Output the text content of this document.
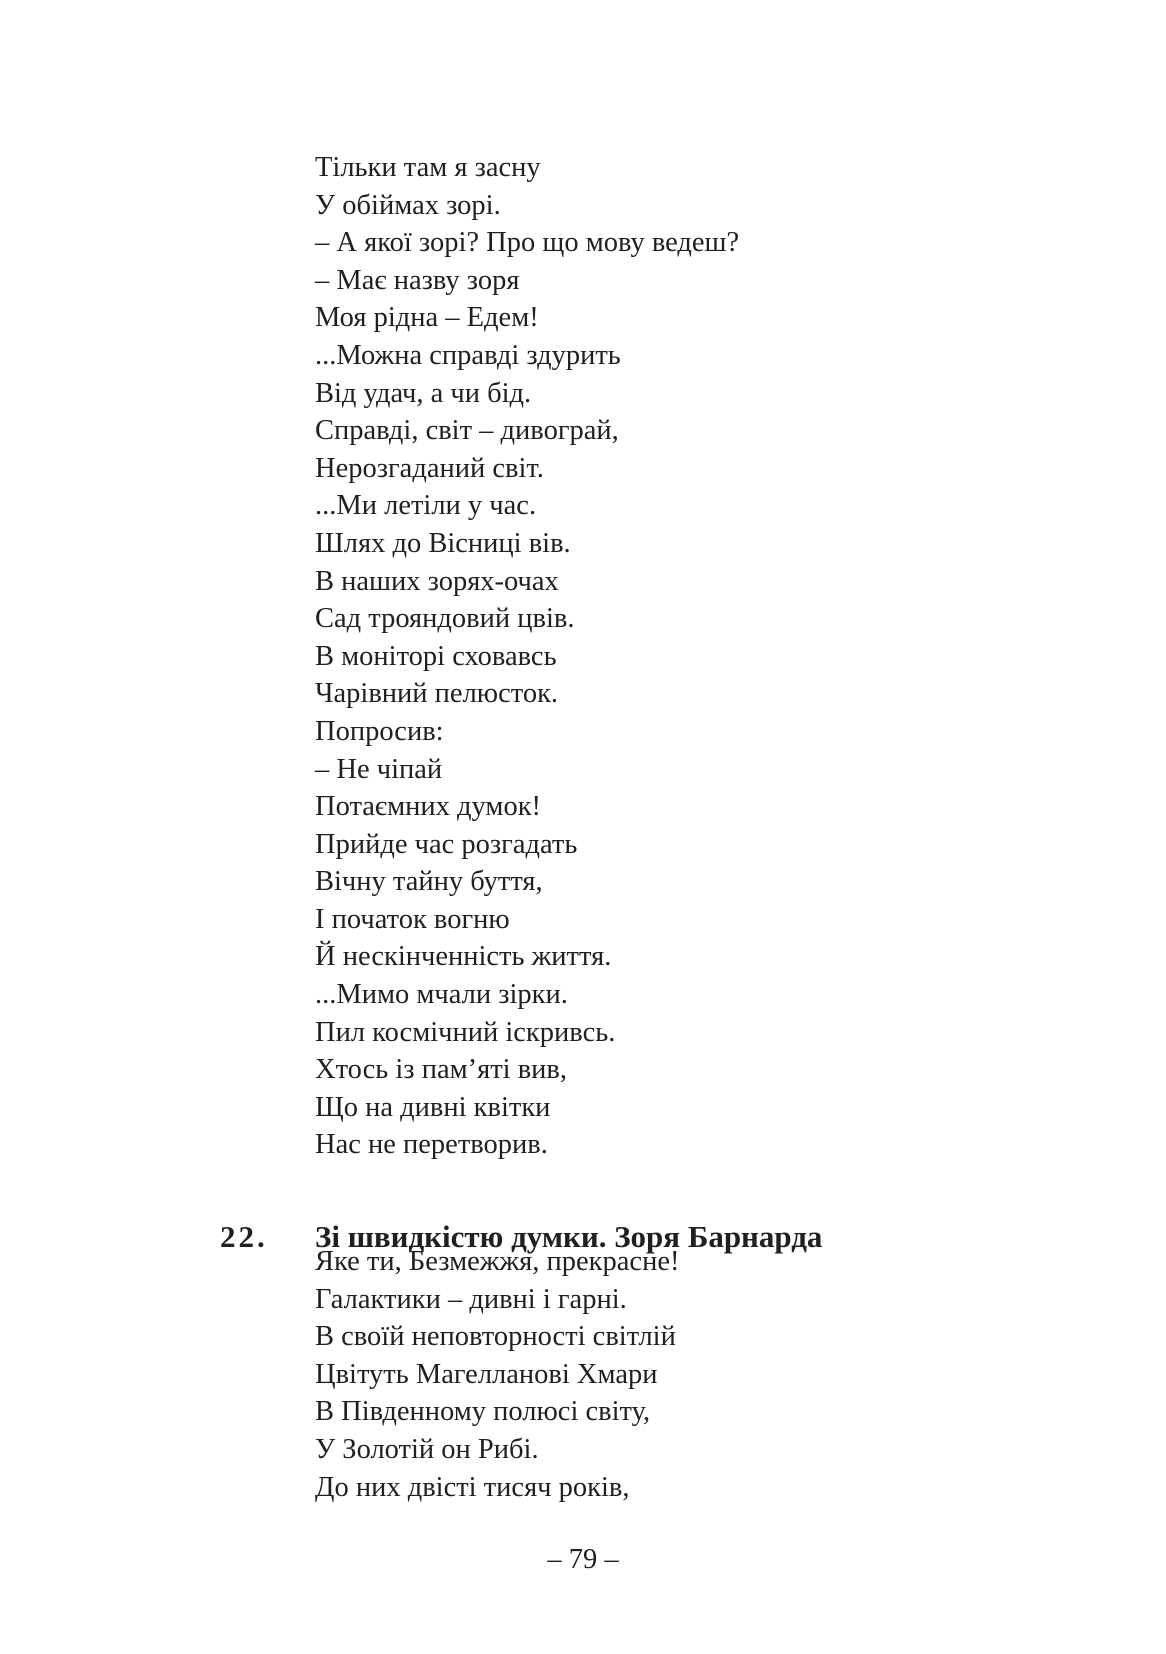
Тільки там я засну
У обіймах зорі.
– А якої зорі? Про що мову ведеш?
– Має назву зоря
Моя рідна – Едем!
...Можна справді здурить
Від удач, а чи бід.
Справді, світ – дивограй,
Нерозгаданий світ.
...Ми летіли у час.
Шлях до Вісниці вів.
В наших зорях-очах
Сад трояндовий цвів.
В моніторі сховавсь
Чарівний пелюсток.
Попросив:
– Не чіпай
Потаємних думок!
Прийде час розгадать
Вічну тайну буття,
І початок вогню
Й нескінченність життя.
...Мимо мчали зірки.
Пил космічний іскривсь.
Хтось із пам’яті вив,
Що на дивні квітки
Нас не перетворив.
22. Зі швидкістю думки. Зоря Барнарда
Яке ти, Безмежжя, прекрасне!
Галактики – дивні і гарні.
В своїй неповторності світлій
Цвітуть Магелланові Хмари
В Південному полюсі світу,
У Золотій он Рибі.
До них двісті тисяч років,
– 79 –
